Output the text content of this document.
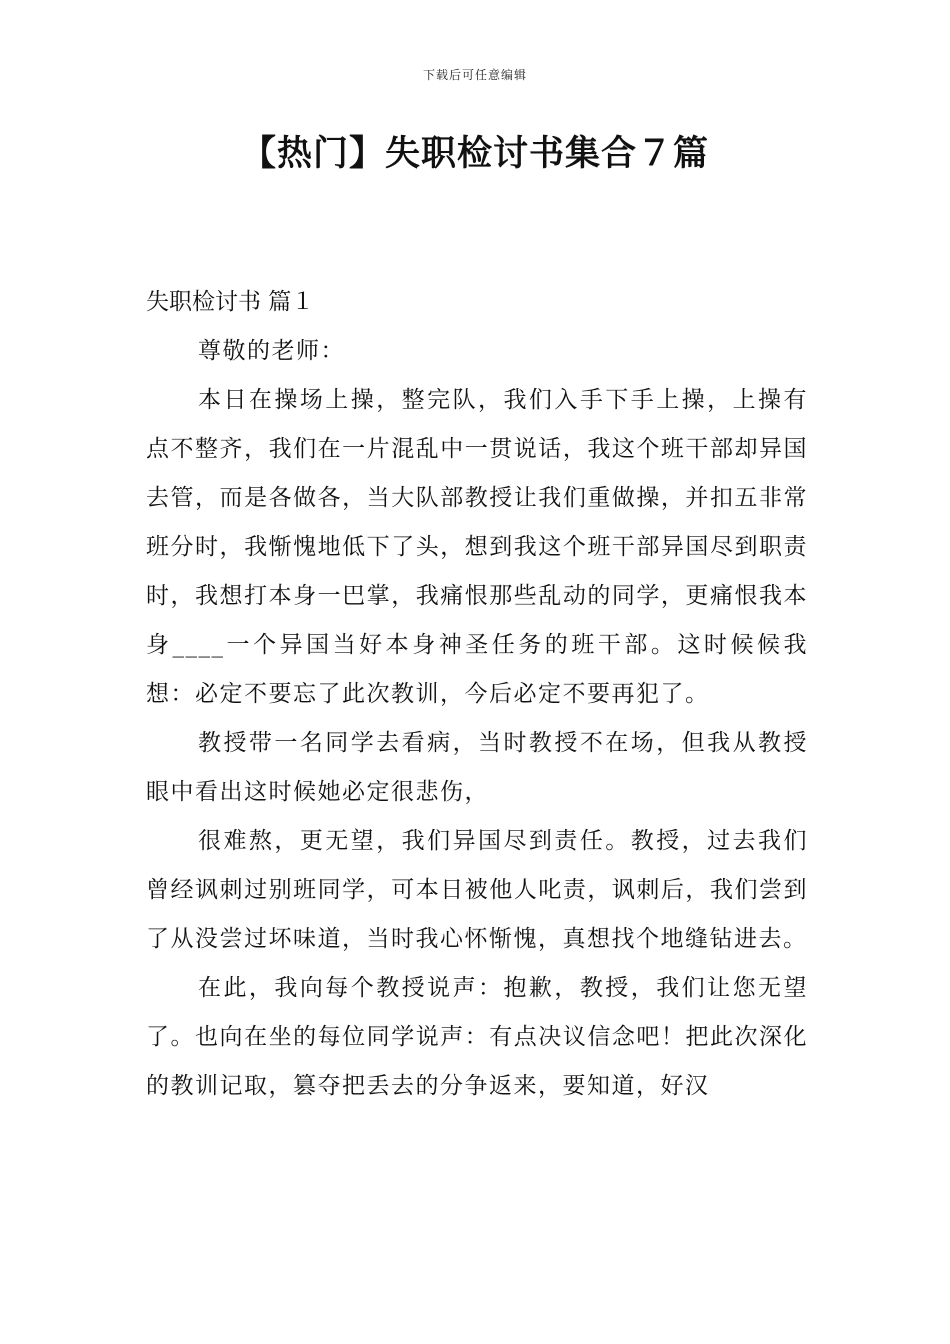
下载后可任意编辑
【热门】失职检讨书集合７篇

失职检讨书 篇１

尊敬的老师：

本日在操场上操，整完队，我们入手下手上操，上操有点不整齐，我们在一片混乱中一贯说话，我这个班干部却异国去管，而是各做各，当大队部教授让我们重做操，并扣五非常班分时，我惭愧地低下了头，想到我这个班干部异国尽到职责时，我想打本身一巴掌，我痛恨那些乱动的同学，更痛恨我本身____一个异国当好本身神圣任务的班干部。这时候候我想：必定不要忘了此次教训，今后必定不要再犯了。

教授带一名同学去看病，当时教授不在场，但我从教授眼中看出这时候她必定很悲伤，

很难熬，更无望，我们异国尽到责任。教授，过去我们曾经讽刺过别班同学，可本日被他人叱责，讽刺后，我们尝到了从没尝过坏味道，当时我心怀惭愧，真想找个地缝钻进去。

在此，我向每个教授说声：抱歉，教授，我们让您无望了。也向在坐的每位同学说声：有点决议信念吧！把此次深化的教训记取，篡夺把丢去的分争返来，要知道，好汉
